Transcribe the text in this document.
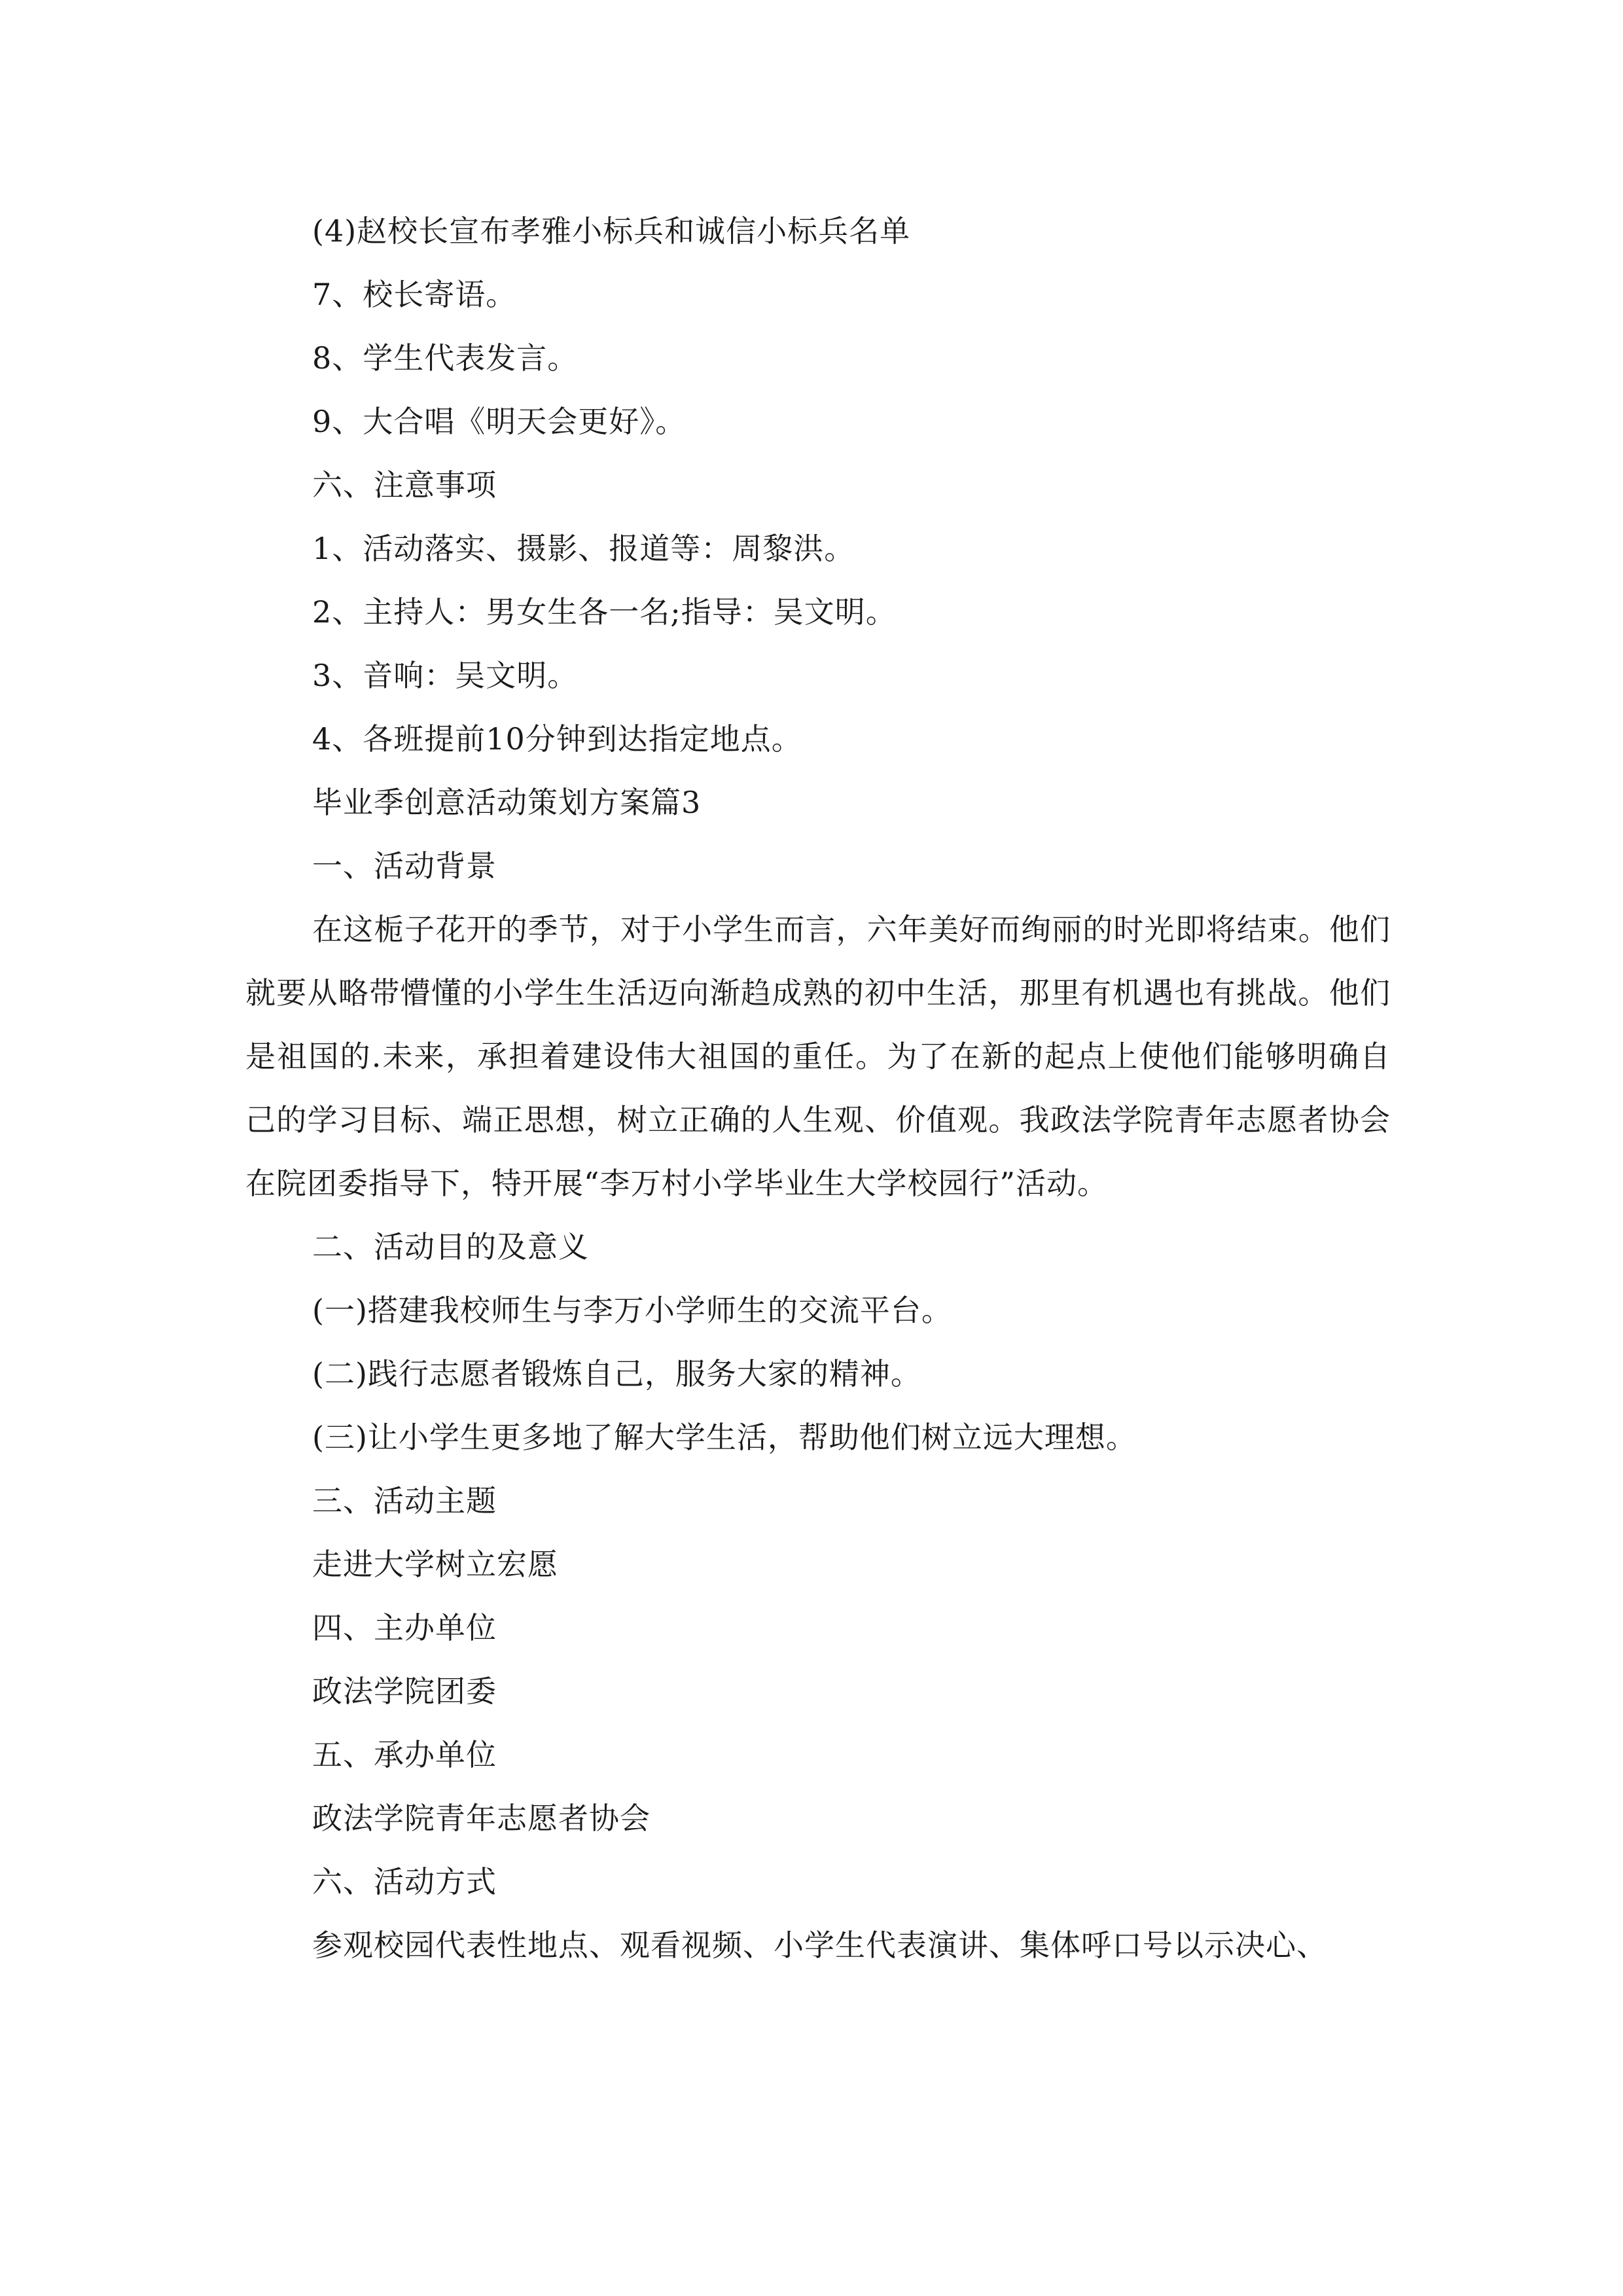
(4)赵校长宣布孝雅小标兵和诚信小标兵名单
7、校长寄语。
8、学生代表发言。
9、大合唱《明天会更好》。
六、注意事项
1、活动落实、摄影、报道等：周黎洪。
2、主持人：男女生各一名;指导：吴文明。
3、音响：吴文明。
4、各班提前10分钟到达指定地点。
毕业季创意活动策划方案篇3
一、活动背景
在这栀子花开的季节，对于小学生而言，六年美好而绚丽的时光即将结束。他们就要从略带懵懂的小学生生活迈向渐趋成熟的初中生活，那里有机遇也有挑战。他们是祖国的.未来，承担着建设伟大祖国的重任。为了在新的起点上使他们能够明确自己的学习目标、端正思想，树立正确的人生观、价值观。我政法学院青年志愿者协会在院团委指导下，特开展“李万村小学毕业生大学校园行”活动。
二、活动目的及意义
(一)搭建我校师生与李万小学师生的交流平台。
(二)践行志愿者锻炼自己，服务大家的精神。
(三)让小学生更多地了解大学生活，帮助他们树立远大理想。
三、活动主题
走进大学树立宏愿
四、主办单位
政法学院团委
五、承办单位
政法学院青年志愿者协会
六、活动方式
参观校园代表性地点、观看视频、小学生代表演讲、集体呼口号以示决心、
